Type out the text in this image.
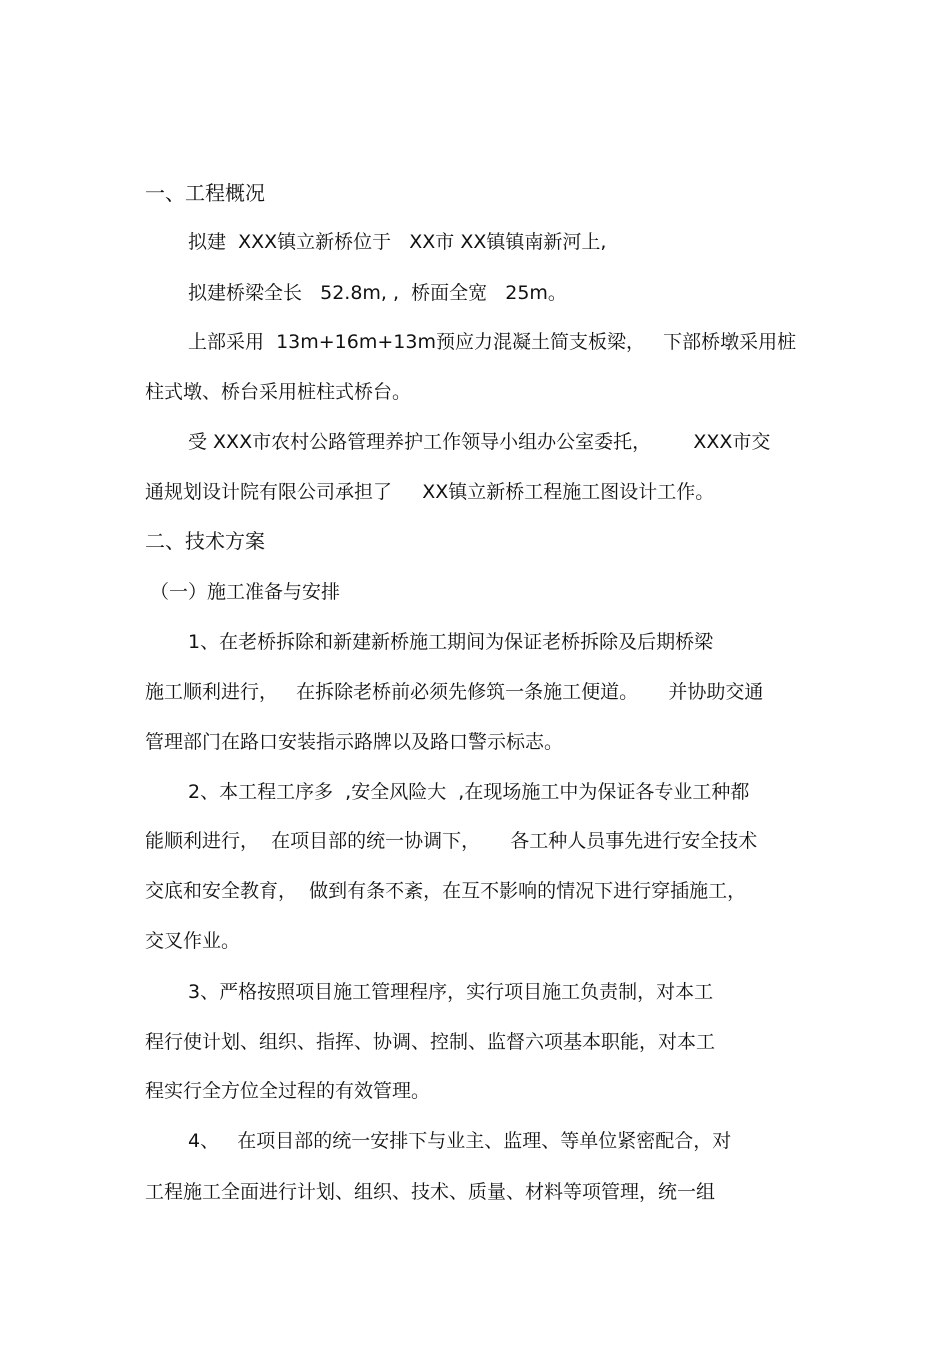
一、工程概况
拟建  XXX镇立新桥位于   XX市 XX镇镇南新河上,
拟建桥梁全长   52.8m, ,  桥面全宽   25m。
上部采用  13m+16m+13m预应力混凝土简支板梁，   下部桥墩采用桩
柱式墩、桥台采用桩柱式桥台。
受 XXX市农村公路管理养护工作领导小组办公室委托，       XXX市交
通规划设计院有限公司承担了     XX镇立新桥工程施工图设计工作。
二、技术方案
（一）施工准备与安排
1、在老桥拆除和新建新桥施工期间为保证老桥拆除及后期桥梁
施工顺利进行，   在拆除老桥前必须先修筑一条施工便道。     并协助交通
管理部门在路口安装指示路牌以及路口警示标志。
2、本工程工序多  ,安全风险大  ,在现场施工中为保证各专业工种都
能顺利进行，  在项目部的统一协调下，     各工种人员事先进行安全技术
交底和安全教育，  做到有条不紊，在互不影响的情况下进行穿插施工，
交叉作业。
3、严格按照项目施工管理程序，实行项目施工负责制，对本工
程行使计划、组织、指挥、协调、控制、监督六项基本职能，对本工
程实行全方位全过程的有效管理。
4、   在项目部的统一安排下与业主、监理、等单位紧密配合，对
工程施工全面进行计划、组织、技术、质量、材料等项管理，统一组
